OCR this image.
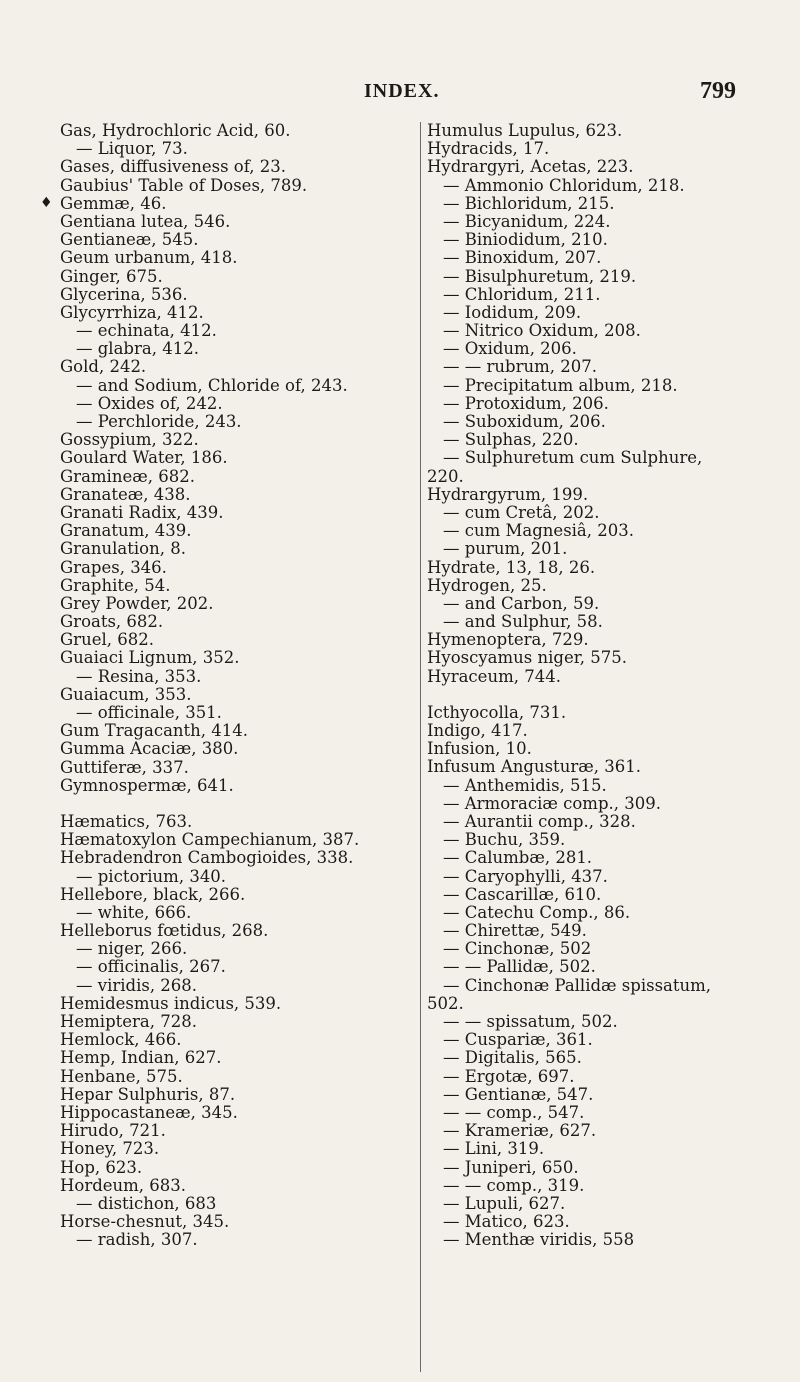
INDEX.	799
♦
Gas, Hydrochloric Acid, 60.
— Liquor, 73.
Gases, diffusiveness of, 23.
Gaubius' Table of Doses, 789.
Gemmæ, 46.
Gentiana lutea, 546.
Gentianeæ, 545.
Geum urbanum, 418.
Ginger, 675.
Glycerina, 536.
Glycyrrhiza, 412.
— echinata, 412.
— glabra, 412.
Gold, 242.
— and Sodium, Chloride of, 243.
— Oxides of, 242.
— Perchloride, 243.
Gossypium, 322.
Goulard Water, 186.
Gramineæ, 682.
Granateæ, 438.
Granati Radix, 439.
Granatum, 439.
Granulation, 8.
Grapes, 346.
Graphite, 54.
Grey Powder, 202.
Groats, 682.
Gruel, 682.
Guaiaci Lignum, 352.
— Resina, 353.
Guaiacum, 353.
— officinale, 351.
Gum Tragacanth, 414.
Gumma Acaciæ, 380.
Guttiferæ, 337.
Gymnospermæ, 641.
Hæmatics, 763.
Hæmatoxylon Campechianum, 387.
Hebradendron Cambogioides, 338.
— pictorium, 340.
Hellebore, black, 266.
— white, 666.
Helleborus fœtidus, 268.
— niger, 266.
— officinalis, 267.
— viridis, 268.
Hemidesmus indicus, 539.
Hemiptera, 728.
Hemlock, 466.
Hemp, Indian, 627.
Henbane, 575.
Hepar Sulphuris, 87.
Hippocastaneæ, 345.
Hirudo, 721.
Honey, 723.
Hop, 623.
Hordeum, 683.
— distichon, 683
Horse-chesnut, 345.
— radish, 307.
Humulus Lupulus, 623.
Hydracids, 17.
Hydrargyri, Acetas, 223.
— Ammonio Chloridum, 218.
— Bichloridum, 215.
— Bicyanidum, 224.
— Biniodidum, 210.
— Binoxidum, 207.
— Bisulphuretum, 219.
— Chloridum, 211.
— Iodidum, 209.
— Nitrico Oxidum, 208.
— Oxidum, 206.
— — rubrum, 207.
— Precipitatum album, 218.
— Protoxidum, 206.
— Suboxidum, 206.
— Sulphas, 220.
— Sulphuretum cum Sulphure,
220.
Hydrargyrum, 199.
— cum Cretâ, 202.
— cum Magnesiâ, 203.
— purum, 201.
Hydrate, 13, 18, 26.
Hydrogen, 25.
— and Carbon, 59.
— and Sulphur, 58.
Hymenoptera, 729.
Hyoscyamus niger, 575.
Hyraceum, 744.
Icthyocolla, 731.
Indigo, 417.
Infusion, 10.
Infusum Angusturæ, 361.
— Anthemidis, 515.
— Armoraciæ comp., 309.
— Aurantii comp., 328.
— Buchu, 359.
— Calumbæ, 281.
— Caryophylli, 437.
— Cascarillæ, 610.
— Catechu Comp., 86.
— Chirettæ, 549.
— Cinchonæ, 502
— — Pallidæ, 502.
— Cinchonæ Pallidæ spissatum,
502.
— — spissatum, 502.
— Cuspariæ, 361.
— Digitalis, 565.
— Ergotæ, 697.
— Gentianæ, 547.
— — comp., 547.
— Krameriæ, 627.
— Lini, 319.
— Juniperi, 650.
— — comp., 319.
— Lupuli, 627.
— Matico, 623.
— Menthæ viridis, 558
